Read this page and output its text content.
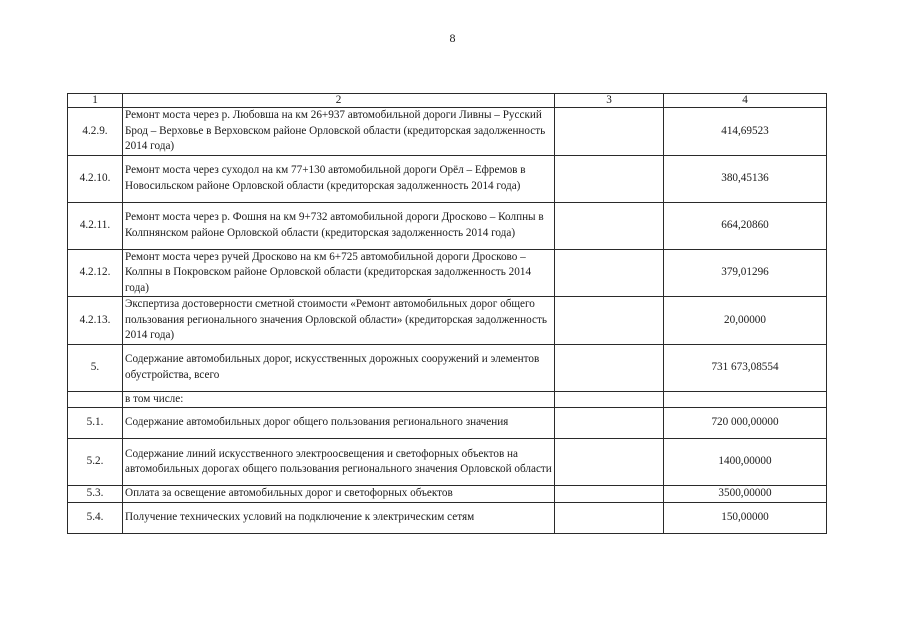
8
1	2	3	4
4.2.9.	Ремонт моста через р. Любовша на км 26+937 автомобильной дороги Ливны – Русский Брод – Верховье в Верховском районе Орловской области (кредиторская задолженность 2014 года)		414,69523
4.2.10.	Ремонт моста через суходол на км 77+130 автомобильной дороги Орёл – Ефремов в Новосильском районе Орловской области (кредиторская задолженность 2014 года)		380,45136
4.2.11.	Ремонт моста через р. Фошня на км 9+732 автомобильной дороги Дросково – Колпны в Колпнянском районе Орловской области (кредиторская задолженность 2014 года)		664,20860
4.2.12.	Ремонт моста через ручей Дросково на км 6+725 автомобильной дороги Дросково – Колпны в Покровском районе Орловской области (кредиторская задолженность 2014 года)		379,01296
4.2.13.	Экспертиза достоверности сметной стоимости «Ремонт автомобильных дорог общего пользования регионального значения Орловской области» (кредиторская задолженность 2014 года)		20,00000
5.	Содержание автомобильных дорог, искусственных дорожных сооружений и элементов обустройства, всего		731 673,08554
	в том числе:		
5.1.	Содержание автомобильных дорог общего пользования регионального значения		720 000,00000
5.2.	Содержание линий искусственного электроосвещения и светофорных объектов на автомобильных дорогах общего пользования регионального значения Орловской области		1400,00000
5.3.	Оплата за освещение автомобильных дорог и светофорных объектов		3500,00000
5.4.	Получение технических условий на подключение к электрическим сетям		150,00000
